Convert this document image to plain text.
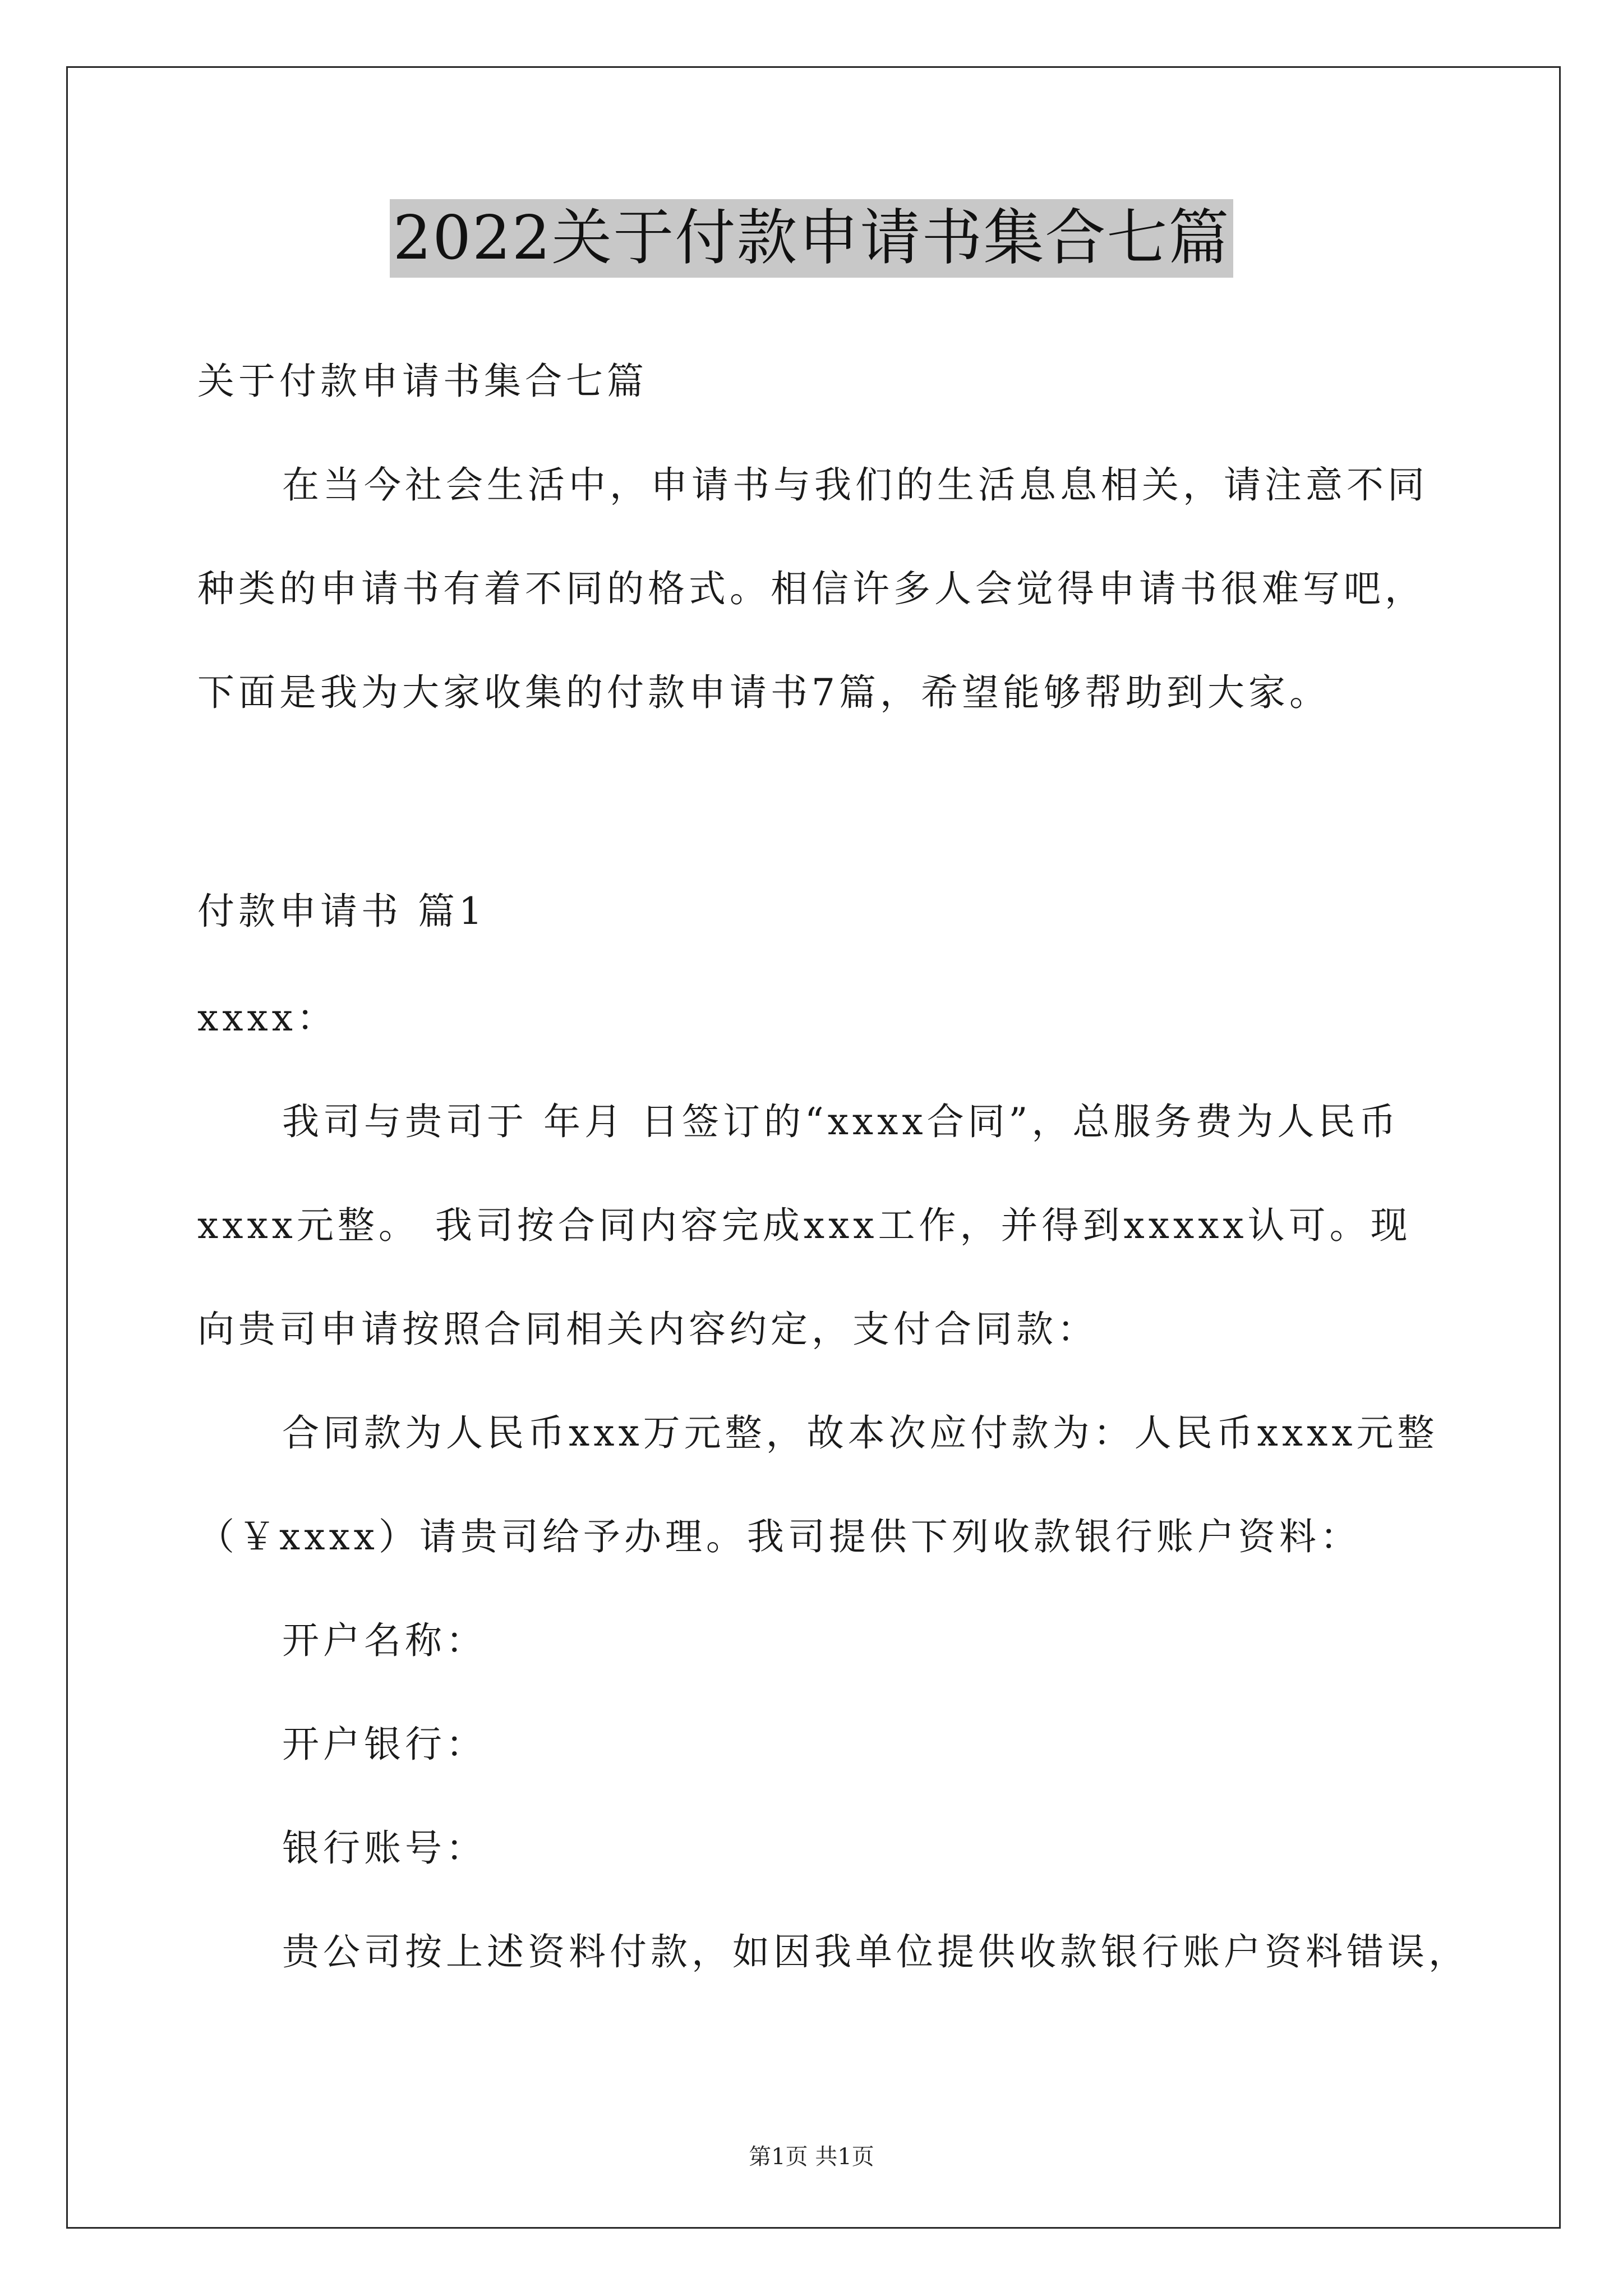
2022关于付款申请书集合七篇
关于付款申请书集合七篇
在当今社会生活中，申请书与我们的生活息息相关，请注意不同
种类的申请书有着不同的格式。相信许多人会觉得申请书很难写吧，
下面是我为大家收集的付款申请书7篇，希望能够帮助到大家。
付款申请书 篇1
xxxx：
我司与贵司于 年月 日签订的“xxxx合同”，总服务费为人民币
xxxx元整。 我司按合同内容完成xxx工作，并得到xxxxx认可。现
向贵司申请按照合同相关内容约定，支付合同款：
合同款为人民币xxx万元整，故本次应付款为：人民币xxxx元整
（￥xxxx）请贵司给予办理。我司提供下列收款银行账户资料：
开户名称：
开户银行：
银行账号：
贵公司按上述资料付款，如因我单位提供收款银行账户资料错误，
第1页 共1页
